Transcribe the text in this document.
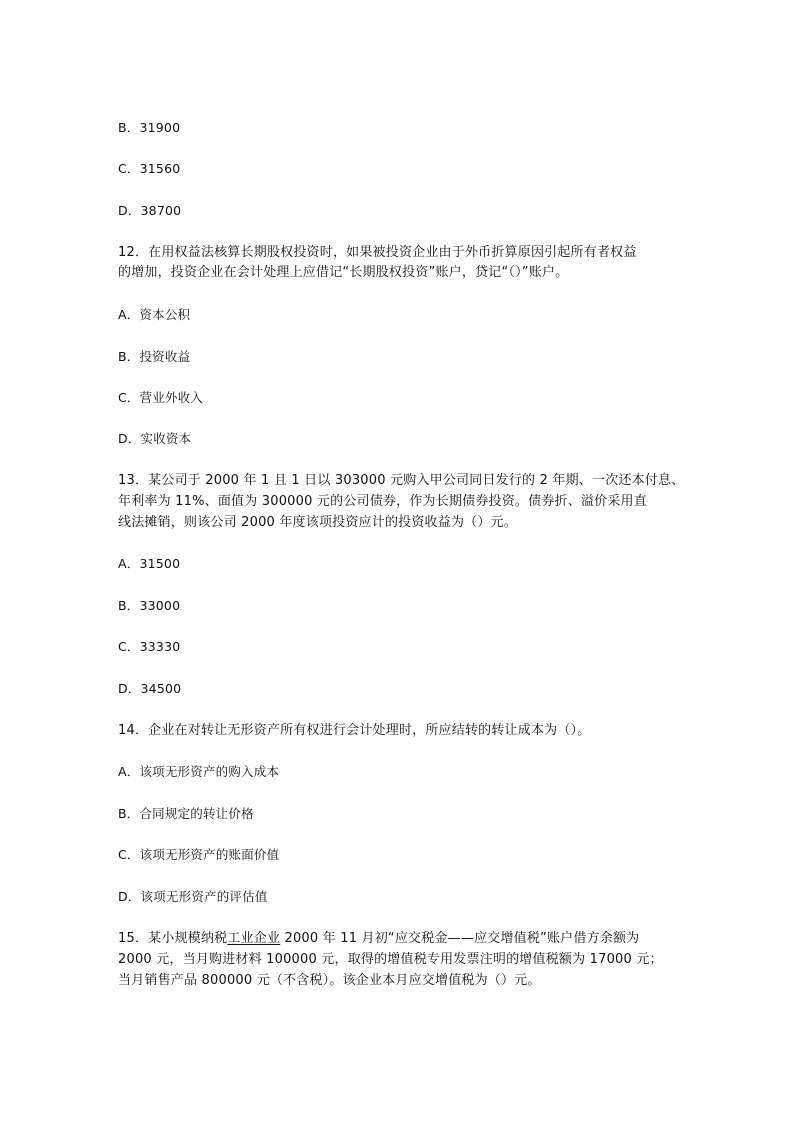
B．31900
C．31560
D．38700
12．在用权益法核算长期股权投资时，如果被投资企业由于外币折算原因引起所有者权益
的增加，投资企业在会计处理上应借记“长期股权投资”账户，贷记“（）”账户。
A．资本公积
B．投资收益
C．营业外收入
D．实收资本
13．某公司于 2000 年 1 且 1 日以 303000 元购入甲公司同日发行的 2 年期、一次还本付息、
年利率为 11%、面值为 300000 元的公司债券，作为长期债券投资。债券折、溢价采用直
线法摊销，则该公司 2000 年度该项投资应计的投资收益为（）元。
A．31500
B．33000
C．33330
D．34500
14．企业在对转让无形资产所有权进行会计处理时，所应结转的转让成本为（）。
A．该项无形资产的购入成本
B．合同规定的转让价格
C．该项无形资产的账面价值
D．该项无形资产的评估值
15．某小规模纳税工业企业 2000 年 11 月初“应交税金——应交增值税”账户借方余额为
2000 元，当月购进材料 100000 元，取得的增值税专用发票注明的增值税额为 17000 元；
当月销售产品 800000 元（不含税）。该企业本月应交增值税为（）元。
